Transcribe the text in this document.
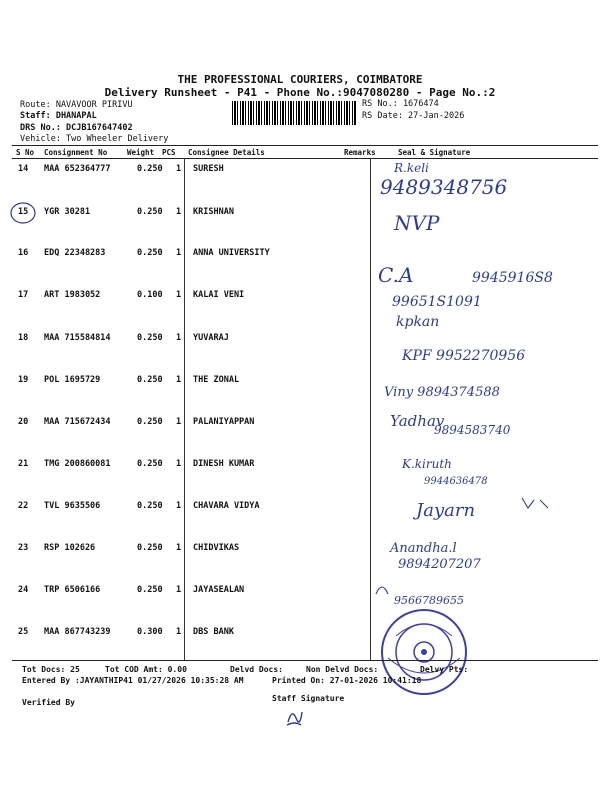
THE PROFESSIONAL COURIERS, COIMBATORE
Delivery Runsheet - P41 - Phone No.:9047080280 - Page No.:2
Route: NAVAVOOR PIRIVU
Staff: DHANAPAL
DRS No.: DCJB167647402
Vehicle: Two Wheeler Delivery
RS No.: 1676474
RS Date: 27-Jan-2026
S No Consignment No	Weight PCS Consignee Details	Remarks	Seal & Signature
14 MAA 652364777	0.250 1 SURESH
15 YGR 30281	0.250 1 KRISHNAN
16 EDQ 22348283	0.250 1 ANNA UNIVERSITY
17 ART 1983052	0.100 1 KALAI VENI
18 MAA 715584814	0.250 1 YUVARAJ
19 POL 1695729	0.250 1 THE ZONAL
20 MAA 715672434	0.250 1 PALANIYAPPAN
21 TMG 200860081	0.250 1 DINESH KUMAR
22 TVL 9635506	0.250 1 CHAVARA VIDYA
23 RSP 102626	0.250 1 CHIDVIKAS
24 TRP 6506166	0.250 1 JAYASEALAN
25 MAA 867743239	0.300 1 DBS BANK
R.keli
9489348756
NVP
C.A	9945916S8
99651S1091
kpkan
KPF 9952270956
Viny 9894374588
Yadhav
9894583740
K.kiruth
9944636478
Jayarn
Anandha.l
9894207207
9566789655
Tot Docs: 25	Tot COD Amt: 0.00	Delvd Docs:	Non Delvd Docs:	Delvy Pts:
Entered By :JAYANTHIP41 01/27/2026 10:35:28 AM	Printed On: 27-01-2026 10:41:18
Verified By	Staff Signature
